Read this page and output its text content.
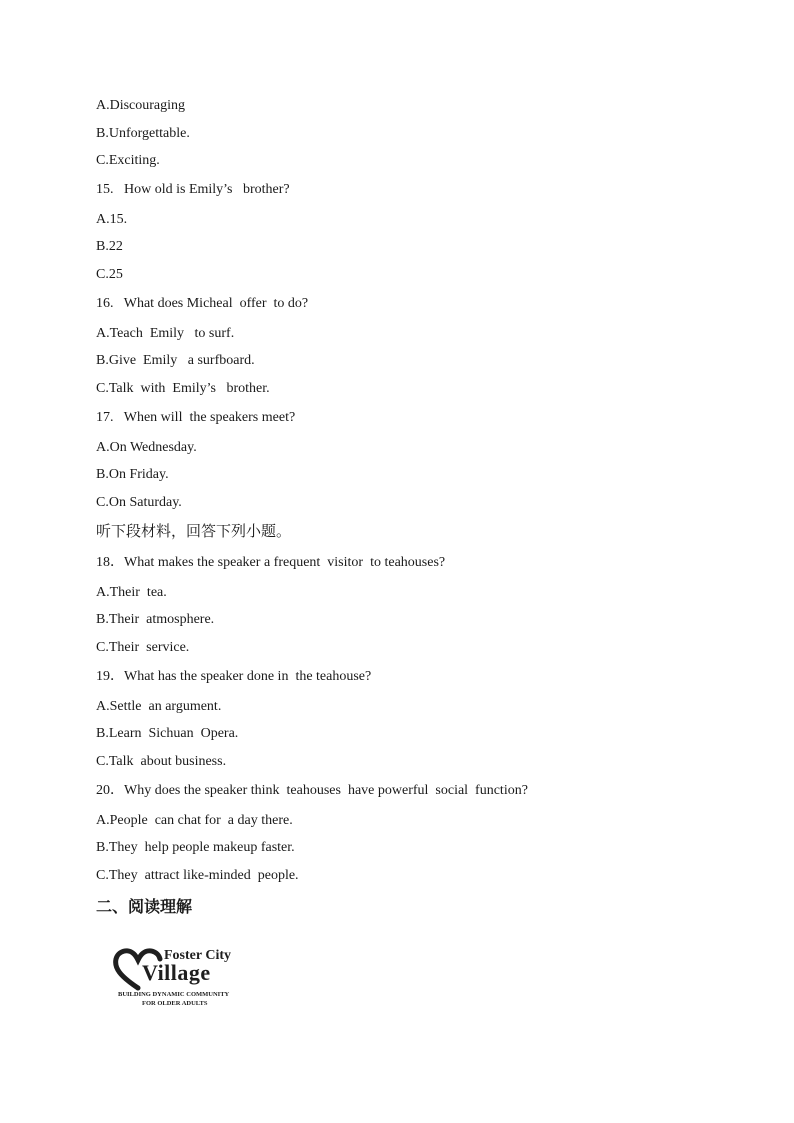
A.Discouraging
B.Unforgettable.
C.Exciting.
15.   How old is Emily’s   brother?
A.15.
B.22
C.25
16.   What does Micheal  offer  to do?
A.Teach  Emily   to surf.
B.Give  Emily   a surfboard.
C.Talk  with  Emily’s   brother.
17.   When will  the speakers meet?
A.On Wednesday.
B.On Friday.
C.On Saturday.
听下段材料，回答下列小题。
18．What makes the speaker a frequent  visitor  to teahouses?
A.Their  tea.
B.Their  atmosphere.
C.Their  service.
19．What has the speaker done in  the teahouse?
A.Settle  an argument.
B.Learn  Sichuan  Opera.
C.Talk  about business.
20．Why does the speaker think  teahouses  have powerful  social  function?
A.People  can chat for  a day there.
B.They  help people makeup faster.
C.They  attract like-minded  people.
二、阅读理解
Foster City
Village
BUILDING DYNAMIC COMMUNITY
FOR OLDER ADULTS
